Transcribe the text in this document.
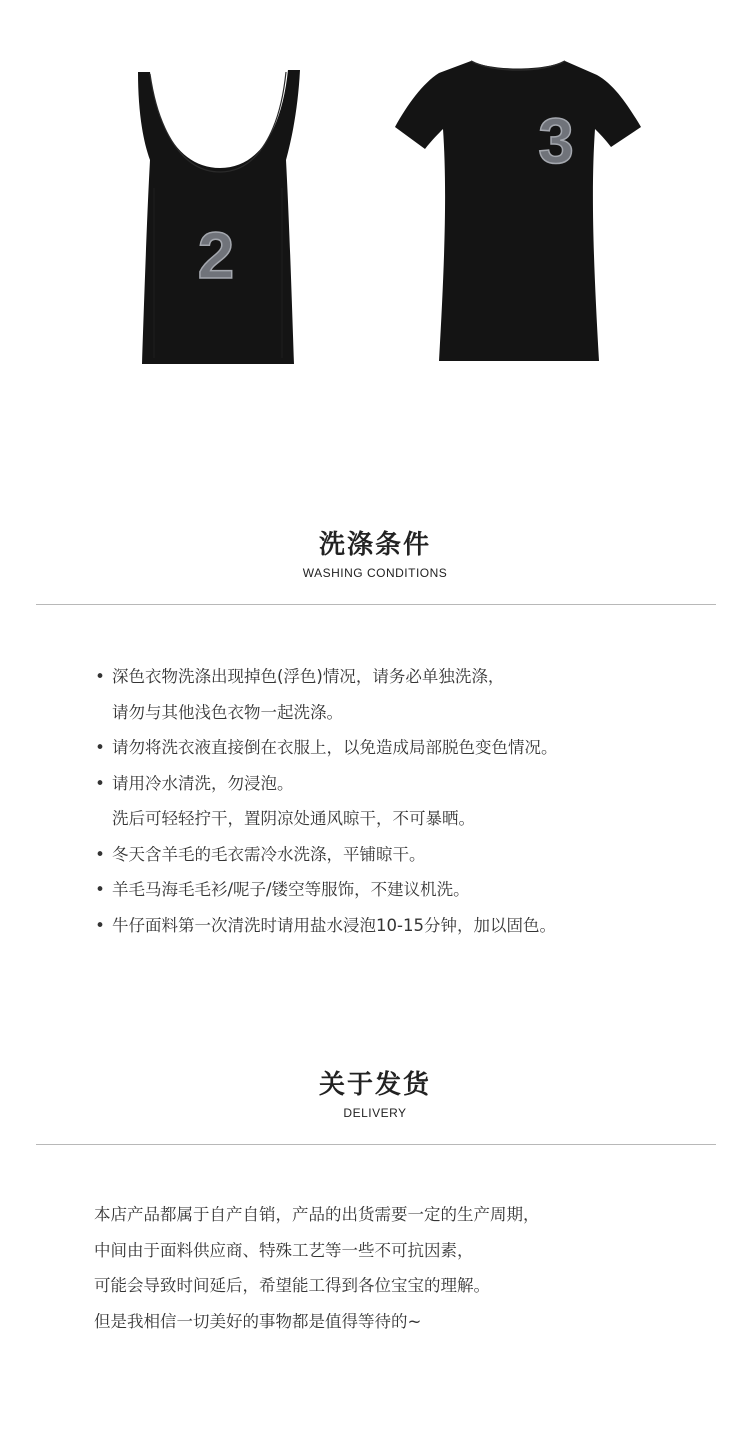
2
3
洗涤条件
WASHING CONDITIONS
• 深色衣物洗涤出现掉色(浮色)情况，请务必单独洗涤，
请勿与其他浅色衣物一起洗涤。
• 请勿将洗衣液直接倒在衣服上，以免造成局部脱色变色情况。
• 请用冷水清洗，勿浸泡。
洗后可轻轻拧干，置阴凉处通风晾干，不可暴晒。
• 冬天含羊毛的毛衣需冷水洗涤，平铺晾干。
• 羊毛马海毛毛衫/呢子/镂空等服饰，不建议机洗。
• 牛仔面料第一次清洗时请用盐水浸泡10-15分钟，加以固色。
关于发货
DELIVERY
本店产品都属于自产自销，产品的出货需要一定的生产周期，
中间由于面料供应商、特殊工艺等一些不可抗因素，
可能会导致时间延后，希望能工得到各位宝宝的理解。
但是我相信一切美好的事物都是值得等待的~
